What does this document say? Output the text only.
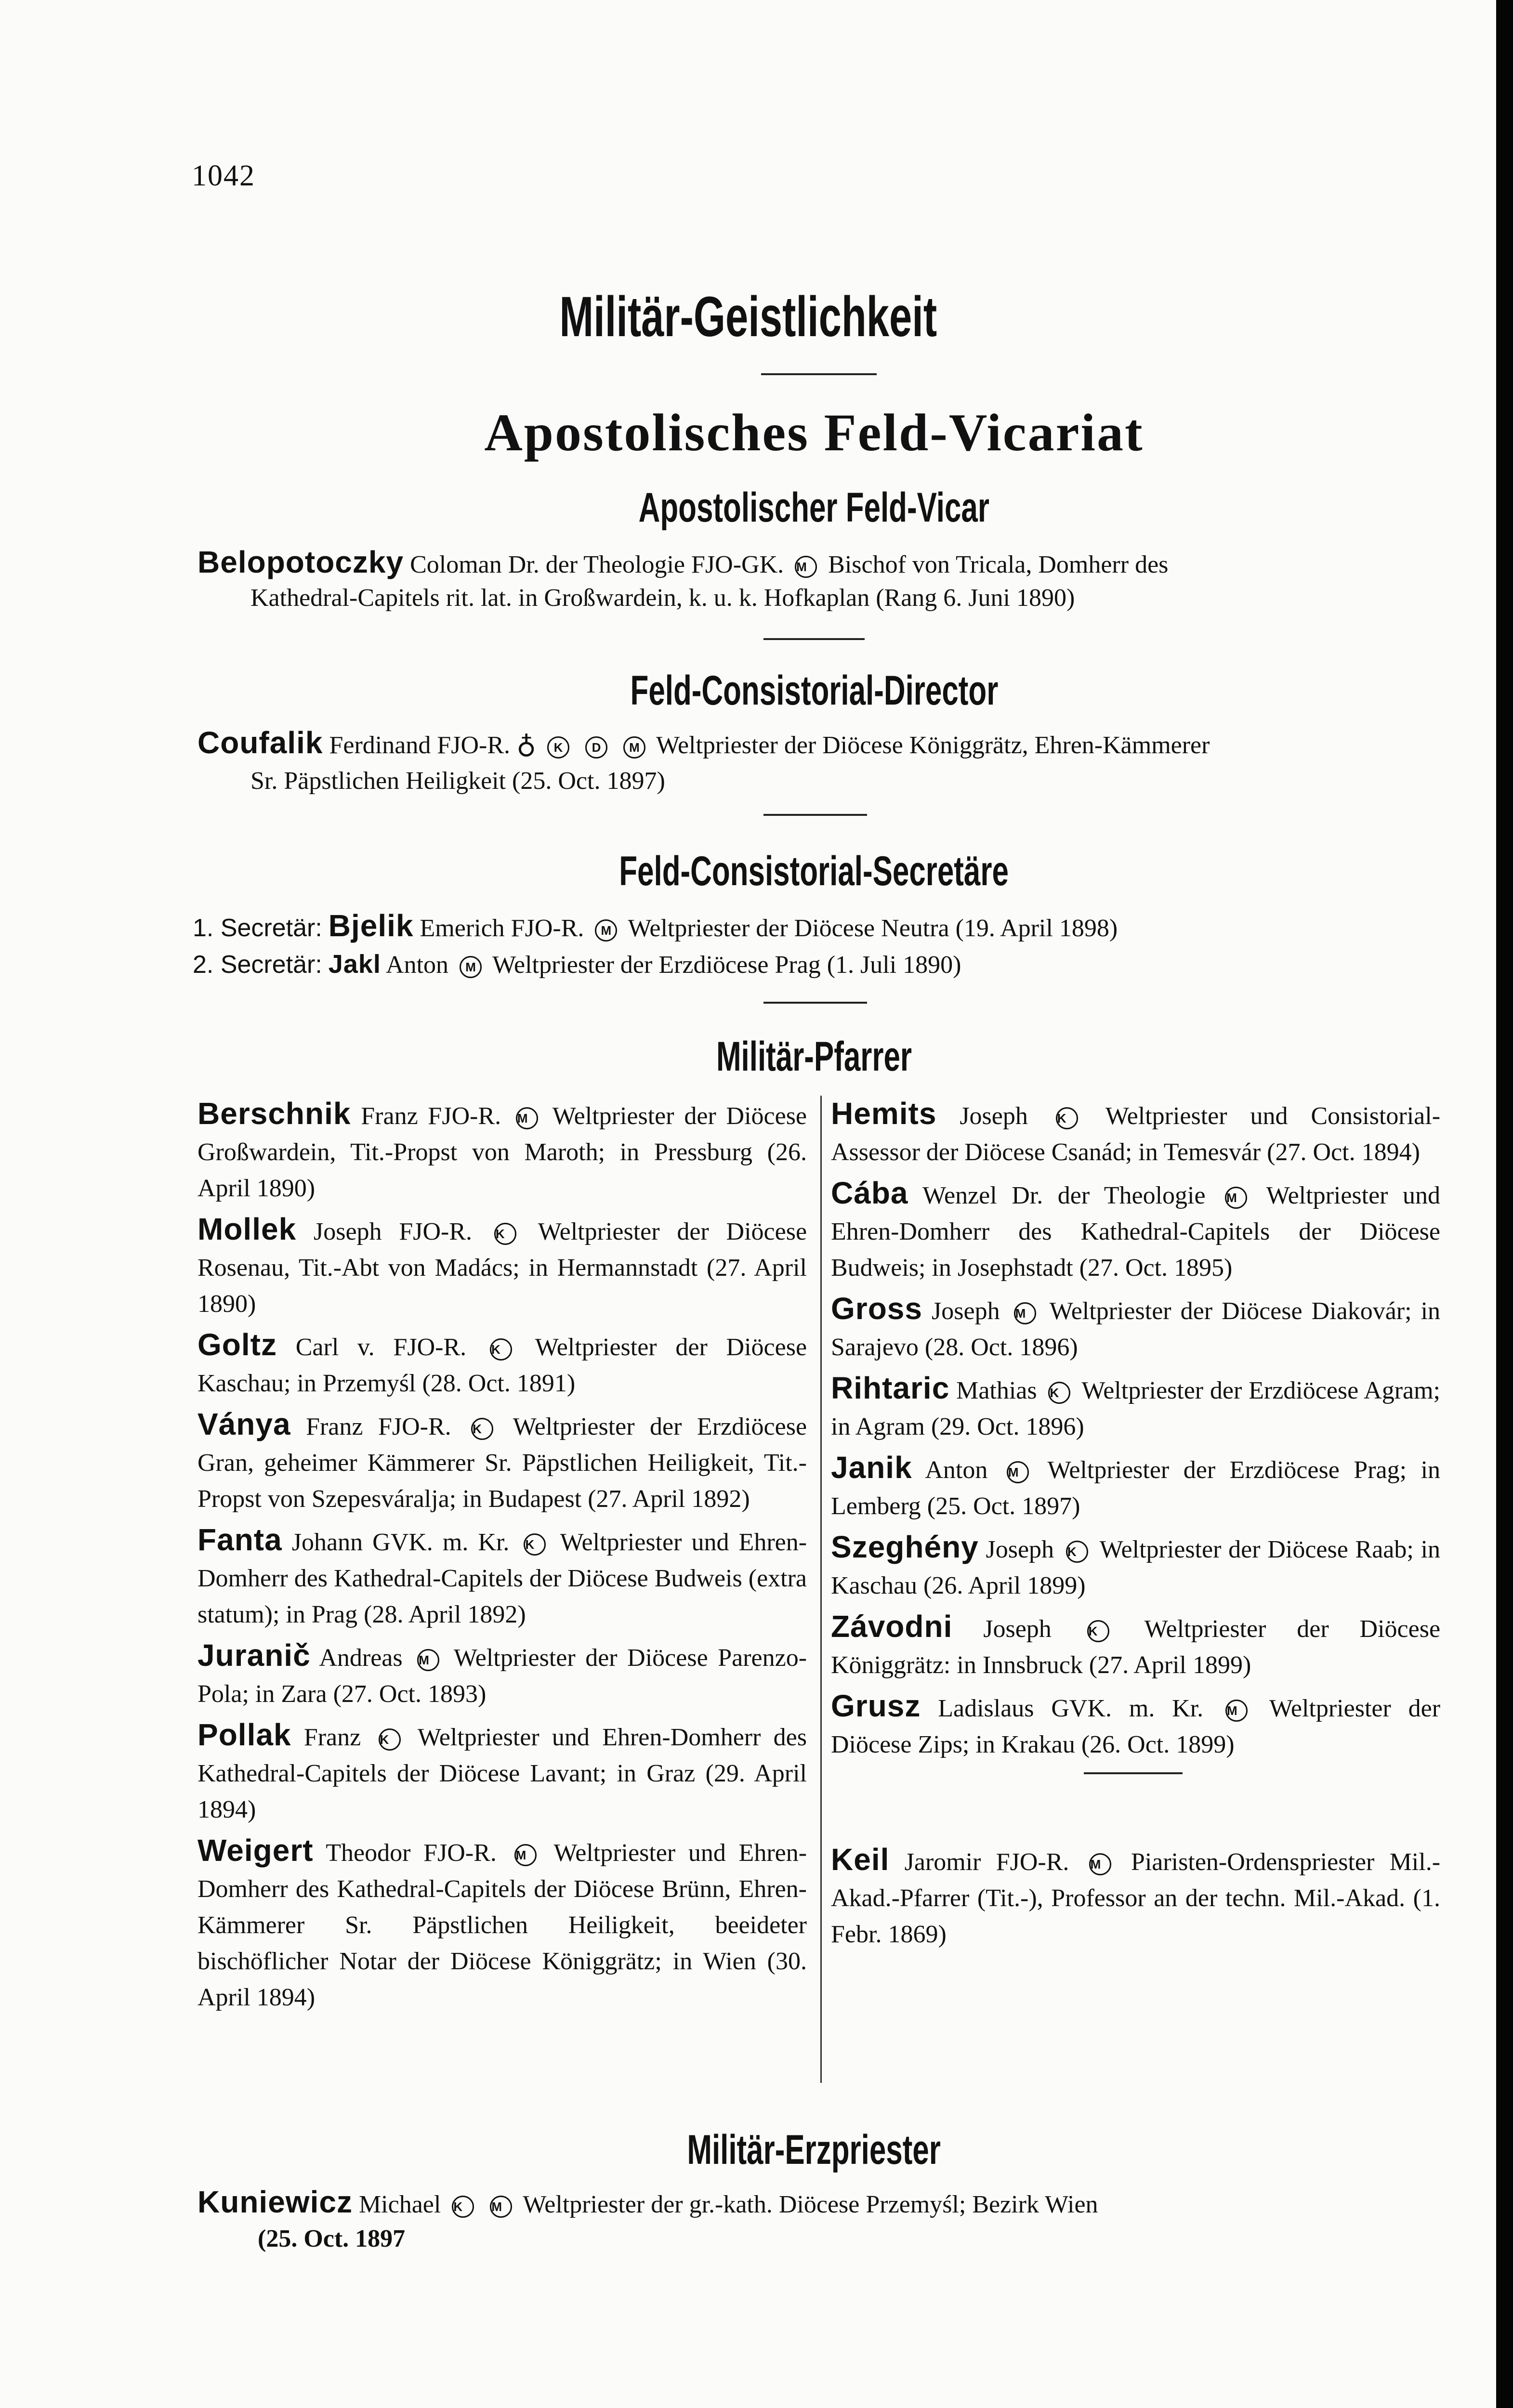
1042
Militär-Geistlichkeit
Apostolisches Feld-Vicariat
Apostolischer Feld-Vicar
Belopotoczky Coloman Dr. der Theologie FJO-GK. M Bischof von Tricala, Domherr des
Kathedral-Capitels rit. lat. in Großwardein, k. u. k. Hofkaplan (Rang 6. Juni 1890)
Feld-Consistorial-Director
Coufalik Ferdinand FJO-R. ♁ K D M Weltpriester der Diöcese Königgrätz, Ehren-Kämmerer
Sr. Päpstlichen Heiligkeit (25. Oct. 1897)
Feld-Consistorial-Secretäre
1. Secretär: Bjelik Emerich FJO-R. M Weltpriester der Diöcese Neutra (19. April 1898)
2. Secretär: Jakl Anton M Weltpriester der Erzdiöcese Prag (1. Juli 1890)
Militär-Pfarrer
Berschnik Franz FJO-R. M Weltpriester der Diöcese Großwardein, Tit.-Propst von Maroth; in Pressburg (26. April 1890)
Mollek Joseph FJO-R. K Weltpriester der Diöcese Rosenau, Tit.-Abt von Madács; in Hermannstadt (27. April 1890)
Goltz Carl v. FJO-R. K Weltpriester der Diöcese Kaschau; in Przemyśl (28. Oct. 1891)
Ványa Franz FJO-R. K Weltpriester der Erzdiöcese Gran, geheimer Kämmerer Sr. Päpstlichen Heiligkeit, Tit.-Propst von Szepesváralja; in Budapest (27. April 1892)
Fanta Johann GVK. m. Kr. K Weltpriester und Ehren-Domherr des Kathedral-Capitels der Diöcese Budweis (extra statum); in Prag (28. April 1892)
Juranič Andreas M Weltpriester der Diöcese Parenzo-Pola; in Zara (27. Oct. 1893)
Pollak Franz K Weltpriester und Ehren-Domherr des Kathedral-Capitels der Diöcese Lavant; in Graz (29. April 1894)
Weigert Theodor FJO-R. M Weltpriester und Ehren-Domherr des Kathedral-Capitels der Diöcese Brünn, Ehren-Kämmerer Sr. Päpstlichen Heiligkeit, beeideter bischöflicher Notar der Diöcese Königgrätz; in Wien (30. April 1894)
Hemits Joseph K Weltpriester und Consistorial-Assessor der Diöcese Csanád; in Temesvár (27. Oct. 1894)
Cába Wenzel Dr. der Theologie M Weltpriester und Ehren-Domherr des Kathedral-Capitels der Diöcese Budweis; in Josephstadt (27. Oct. 1895)
Gross Joseph M Weltpriester der Diöcese Diakovár; in Sarajevo (28. Oct. 1896)
Rihtaric Mathias K Weltpriester der Erzdiöcese Agram; in Agram (29. Oct. 1896)
Janik Anton M Weltpriester der Erzdiöcese Prag; in Lemberg (25. Oct. 1897)
Szeghény Joseph K Weltpriester der Diöcese Raab; in Kaschau (26. April 1899)
Závodni Joseph	K Weltpriester der Diöcese Königgrätz: in Innsbruck (27. April 1899)
Grusz Ladislaus GVK. m. Kr. M Weltpriester der Diöcese Zips; in Krakau (26. Oct. 1899)
Keil Jaromir FJO-R. M Piaristen-Ordenspriester Mil.-Akad.-Pfarrer (Tit.-), Professor an der techn. Mil.-Akad. (1. Febr. 1869)
Militär-Erzpriester
Kuniewicz Michael K M Weltpriester der gr.-kath. Diöcese Przemyśl; Bezirk Wien
(25. Oct. 1897
